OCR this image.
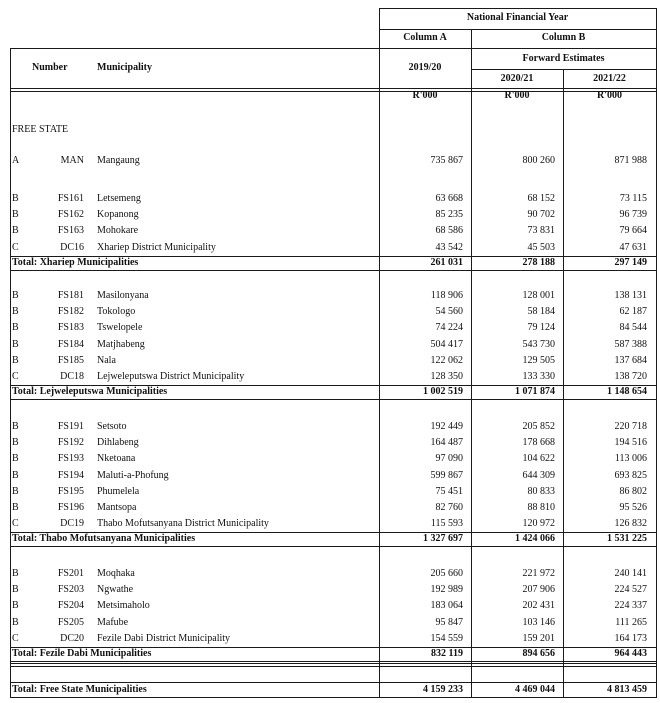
National Financial Year
Column A	Column B
Forward Estimates
Number	Municipality	2019/20
2020/21	2021/22
R'000	R'000	R'000
FREE STATE
A	MAN Mangaung	735 867	800 260	871 988
B	FS161 Letsemeng	63 668	68 152	73 115
B	FS162 Kopanong	85 235	90 702	96 739
B	FS163 Mohokare	68 586	73 831	79 664
C	DC16 Xhariep District Municipality	43 542	45 503	47 631
Total: Xhariep Municipalities	261 031	278 188	297 149
B	FS181 Masilonyana	118 906	128 001	138 131
B	FS182 Tokologo	54 560	58 184	62 187
B	FS183 Tswelopele	74 224	79 124	84 544
B	FS184 Matjhabeng	504 417	543 730	587 388
B	FS185 Nala	122 062	129 505	137 684
C	DC18 Lejweleputswa District Municipality	128 350	133 330	138 720
Total: Lejweleputswa Municipalities	1 002 519	1 071 874	1 148 654
B	FS191 Setsoto	192 449	205 852	220 718
B	FS192 Dihlabeng	164 487	178 668	194 516
B	FS193 Nketoana	97 090	104 622	113 006
B	FS194 Maluti-a-Phofung	599 867	644 309	693 825
B	FS195 Phumelela	75 451	80 833	86 802
B	FS196 Mantsopa	82 760	88 810	95 526
C	DC19 Thabo Mofutsanyana District Municipality	115 593	120 972	126 832
Total: Thabo Mofutsanyana Municipalities	1 327 697	1 424 066	1 531 225
B	FS201 Moqhaka	205 660	221 972	240 141
B	FS203 Ngwathe	192 989	207 906	224 527
B	FS204 Metsimaholo	183 064	202 431	224 337
B	FS205 Mafube	95 847	103 146	111 265
C	DC20 Fezile Dabi District Municipality	154 559	159 201	164 173
Total: Fezile Dabi Municipalities	832 119	894 656	964 443
Total: Free State Municipalities	4 159 233	4 469 044	4 813 459
